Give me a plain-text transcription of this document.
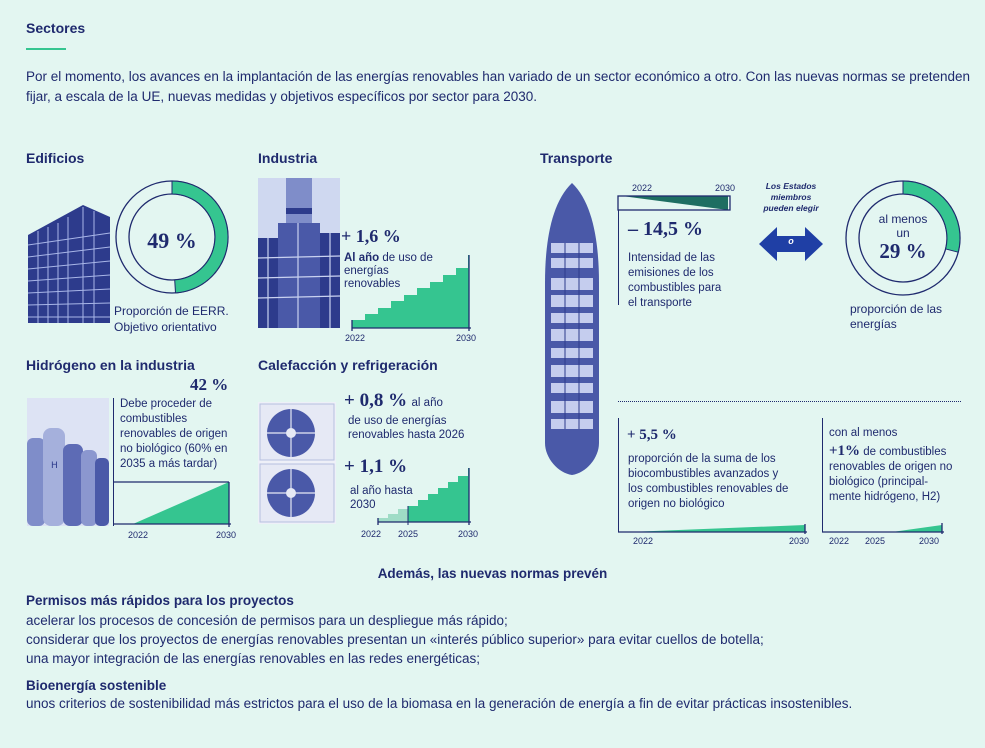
Sectores
Por el momento, los avances en la implantación de las energías renovables han variado de un sector económico a otro. Con las nuevas normas se pretenden fijar, a escala de la UE, nuevas medidas y objetivos específicos por sector para 2030.
Edificios
49 %
Proporción de EERR.
Objetivo orientativo
Industria
+ 1,6 %
Al año de uso de
energías
renovables
2022	2030
Hidrógeno en la industria
42 %
H
Debe proceder de
combustibles
renovables de origen
no biológico (60% en
2035 a más tardar)
2022	2030
Calefacción y refrigeración
+ 0,8 % al año
de uso de energías
renovables hasta 2026
+ 1,1 %
al año hasta
2030
2022 2025	2030
Transporte
2022	2030
– 14,5 %
Intensidad de las
emisiones de los
combustibles para
el transporte
Los Estados
miembros
pueden elegir
o
al menos
un
29 %
proporción de las
energías
+ 5,5 %
proporción de la suma de los
biocombustibles avanzados y
los combustibles renovables de
origen no biológico
2022	2030
con al menos
+1% de combustibles
renovables de origen no
biológico (principal-
mente hidrógeno, H2)
2022 2025	2030
Además, las nuevas normas prevén
Permisos más rápidos para los proyectos
acelerar los procesos de concesión de permisos para un despliegue más rápido;
considerar que los proyectos de energías renovables presentan un «interés público superior» para evitar cuellos de botella;
una mayor integración de las energías renovables en las redes energéticas;
Bioenergía sostenible
unos criterios de sostenibilidad más estrictos para el uso de la biomasa en la generación de energía a fin de evitar prácticas insostenibles.
